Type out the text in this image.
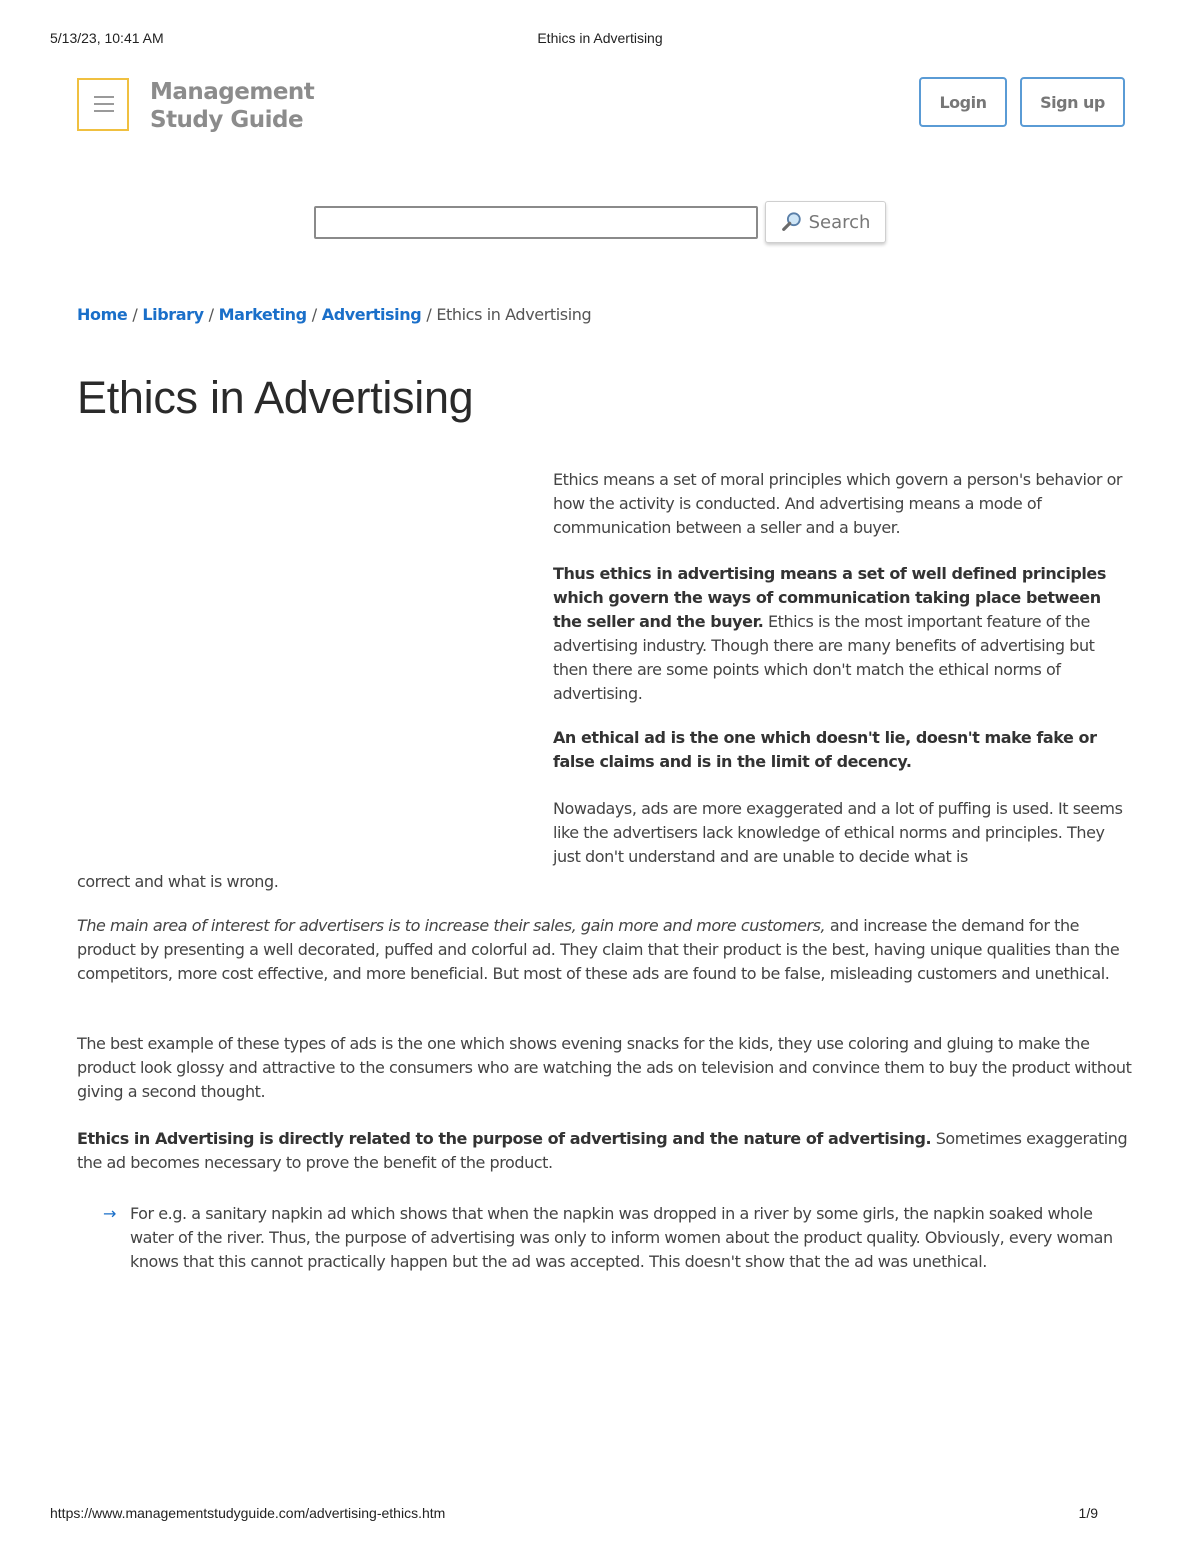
5/13/23, 10:41 AM	Ethics in Advertising
Management
Study Guide
Login	Sign up
Search
Home / Library / Marketing / Advertising / Ethics in Advertising
Ethics in Advertising

Ethics means a set of moral principles which govern a person's behavior or how the activity is conducted. And advertising means a mode of communication between a seller and a buyer.

Thus ethics in advertising means a set of well defined principles which govern the ways of communication taking place between the seller and the buyer. Ethics is the most important feature of the advertising industry. Though there are many benefits of advertising but then there are some points which don't match the ethical norms of advertising.

An ethical ad is the one which doesn't lie, doesn't make fake or false claims and is in the limit of decency.

Nowadays, ads are more exaggerated and a lot of puffing is used. It seems like the advertisers lack knowledge of ethical norms and principles. They just don't understand and are unable to decide what is

correct and what is wrong.

The main area of interest for advertisers is to increase their sales, gain more and more customers, and increase the demand for the product by presenting a well decorated, puffed and colorful ad. They claim that their product is the best, having unique qualities than the competitors, more cost effective, and more beneficial. But most of these ads are found to be false, misleading customers and unethical.

The best example of these types of ads is the one which shows evening snacks for the kids, they use coloring and gluing to make the product look glossy and attractive to the consumers who are watching the ads on television and convince them to buy the product without giving a second thought.

Ethics in Advertising is directly related to the purpose of advertising and the nature of advertising. Sometimes exaggerating the ad becomes necessary to prove the benefit of the product.

→ For e.g. a sanitary napkin ad which shows that when the napkin was dropped in a river by some girls, the napkin soaked whole water of the river. Thus, the purpose of advertising was only to inform women about the product quality. Obviously, every woman knows that this cannot practically happen but the ad was accepted. This doesn't show that the ad was unethical.
https://www.managementstudyguide.com/advertising-ethics.htm	1/9
